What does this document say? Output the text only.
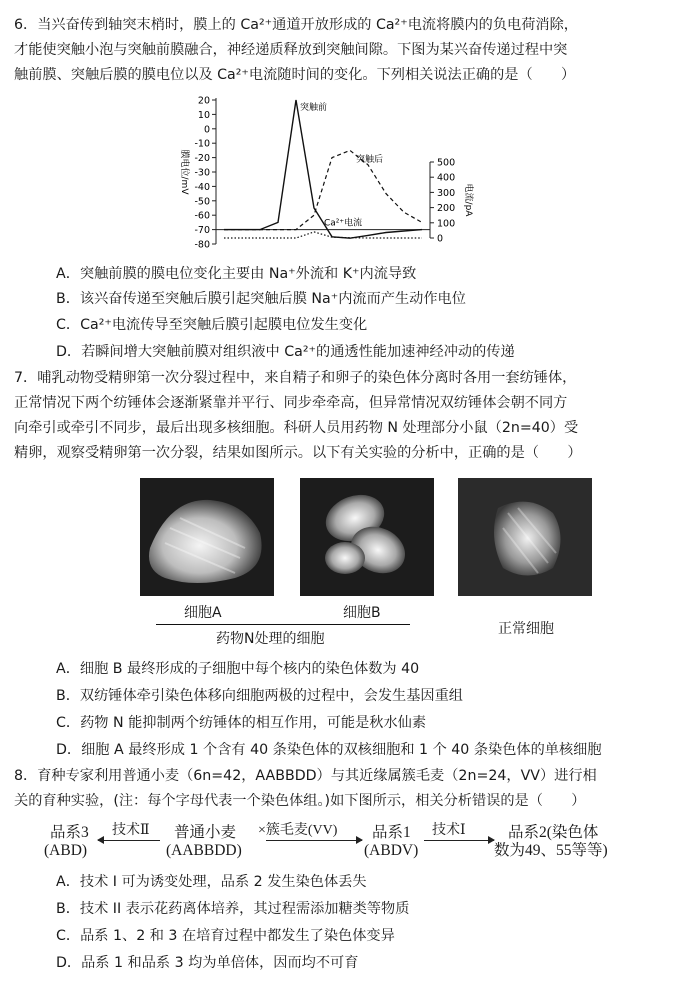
6．当兴奋传到轴突末梢时，膜上的 Ca²⁺通道开放形成的 Ca²⁺电流将膜内的负电荷消除，
才能使突触小泡与突触前膜融合，神经递质释放到突触间隙。下图为某兴奋传递过程中突
触前膜、突触后膜的膜电位以及 Ca²⁺电流随时间的变化。下列相关说法正确的是（　　）
20
10
0
-10
-20
-30
-40
-50
-60
-70
-80
500
400
300
200
100
0
膜电位/mV
电流/pA
突触前
突触后
Ca²⁺电流
A．突触前膜的膜电位变化主要由 Na⁺外流和 K⁺内流导致
B．该兴奋传递至突触后膜引起突触后膜 Na⁺内流而产生动作电位
C．Ca²⁺电流传导至突触后膜引起膜电位发生变化
D．若瞬间增大突触前膜对组织液中 Ca²⁺的通透性能加速神经冲动的传递
7．哺乳动物受精卵第一次分裂过程中，来自精子和卵子的染色体分离时各用一套纺锤体，
正常情况下两个纺锤体会逐渐紧靠并平行、同步牵牵高，但异常情况双纺锤体会朝不同方
向牵引或牵引不同步，最后出现多核细胞。科研人员用药物 N 处理部分小鼠（2n=40）受
精卵，观察受精卵第一次分裂，结果如图所示。以下有关实验的分析中，正确的是（　　）
细胞A	细胞B
药物N处理的细胞
正常细胞
A．细胞 B 最终形成的子细胞中每个核内的染色体数为 40
B．双纺锤体牵引染色体移向细胞两极的过程中，会发生基因重组
C．药物 N 能抑制两个纺锤体的相互作用，可能是秋水仙素
D．细胞 A 最终形成 1 个含有 40 条染色体的双核细胞和 1 个 40 条染色体的单核细胞
8．育种专家利用普通小麦（6n=42，AABBDD）与其近缘属簇毛麦（2n=24，VV）进行相
关的育种实验，(注：每个字母代表一个染色体组。)如下图所示，相关分析错误的是（　　）
品系3
(ABD)
技术Ⅱ 普通小麦
(AABBDD)
×簇毛麦(VV) 品系1
(ABDV)
技术Ⅰ	品系2(染色体
数为49、55等等)
A．技术 I 可为诱变处理，品系 2 发生染色体丢失
B．技术 II 表示花药离体培养，其过程需添加糖类等物质
C．品系 1、2 和 3 在培育过程中都发生了染色体变异
D．品系 1 和品系 3 均为单倍体，因而均不可育
